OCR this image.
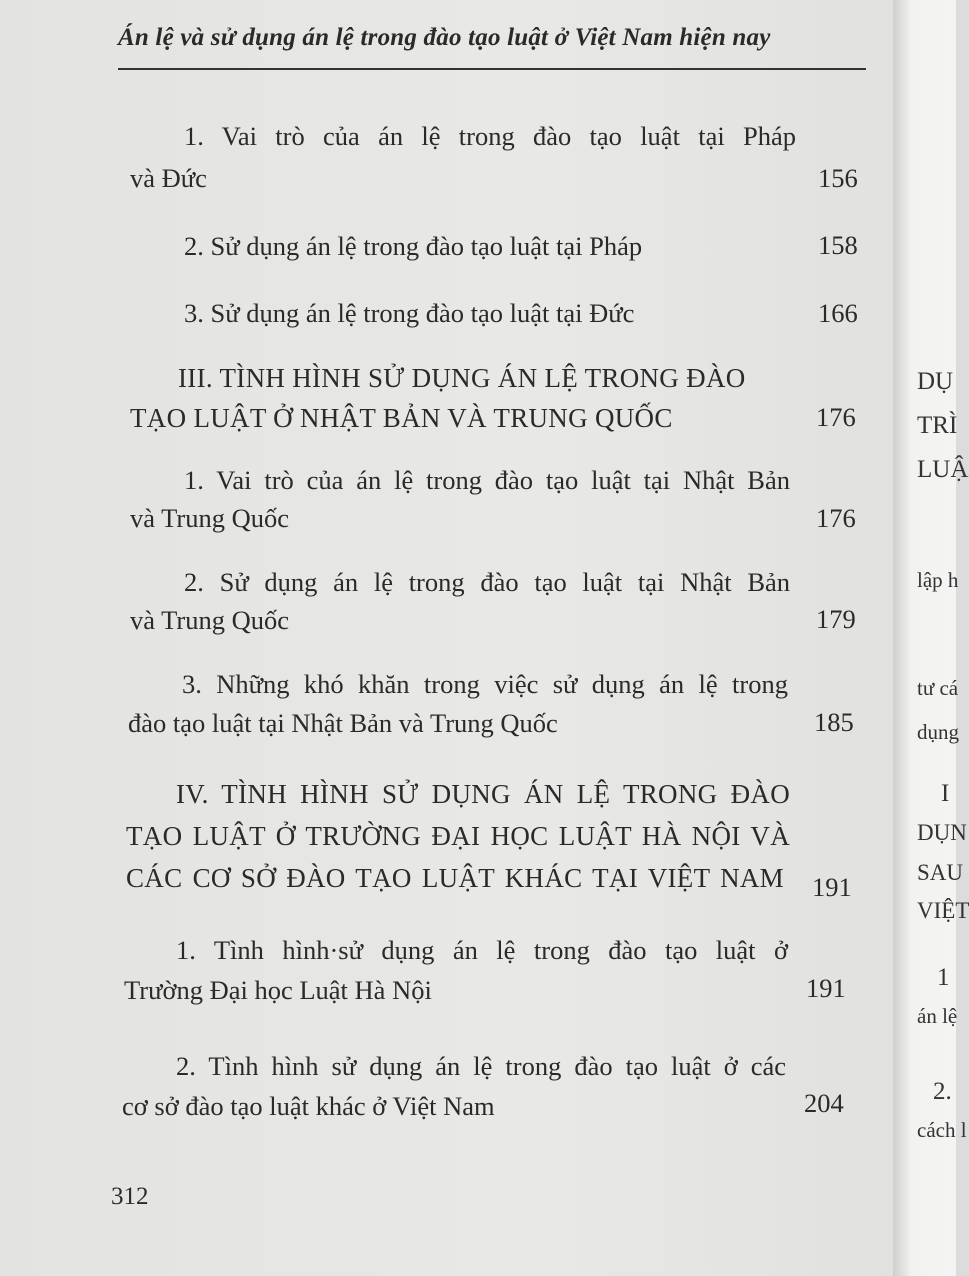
Án lệ và sử dụng án lệ trong đào tạo luật ở Việt Nam hiện nay
1. Vai trò của án lệ trong đào tạo luật tại Pháp
và Đức	156
2. Sử dụng án lệ trong đào tạo luật tại Pháp	158
3. Sử dụng án lệ trong đào tạo luật tại Đức	166
III. TÌNH HÌNH SỬ DỤNG ÁN LỆ TRONG ĐÀO
TẠO LUẬT Ở NHẬT BẢN VÀ TRUNG QUỐC	176
1. Vai trò của án lệ trong đào tạo luật tại Nhật Bản
và Trung Quốc	176
2. Sử dụng án lệ trong đào tạo luật tại Nhật Bản
và Trung Quốc	179
3. Những khó khăn trong việc sử dụng án lệ trong
đào tạo luật tại Nhật Bản và Trung Quốc	185
IV. TÌNH HÌNH SỬ DỤNG ÁN LỆ TRONG ĐÀO
TẠO LUẬT Ở TRƯỜNG ĐẠI HỌC LUẬT HÀ NỘI VÀ
CÁC CƠ SỞ ĐÀO TẠO LUẬT KHÁC TẠI VIỆT NAM 191
1. Tình hình·sử dụng án lệ trong đào tạo luật ở
Trường Đại học Luật Hà Nội	191
2. Tình hình sử dụng án lệ trong đào tạo luật ở các
cơ sở đào tạo luật khác ở Việt Nam	204
312
DỤ
TRÌ
LUẬ
lập h
tư cá
dụng
I
DỤN
SAU
VIỆT
1
án lệ
2.
cách l
